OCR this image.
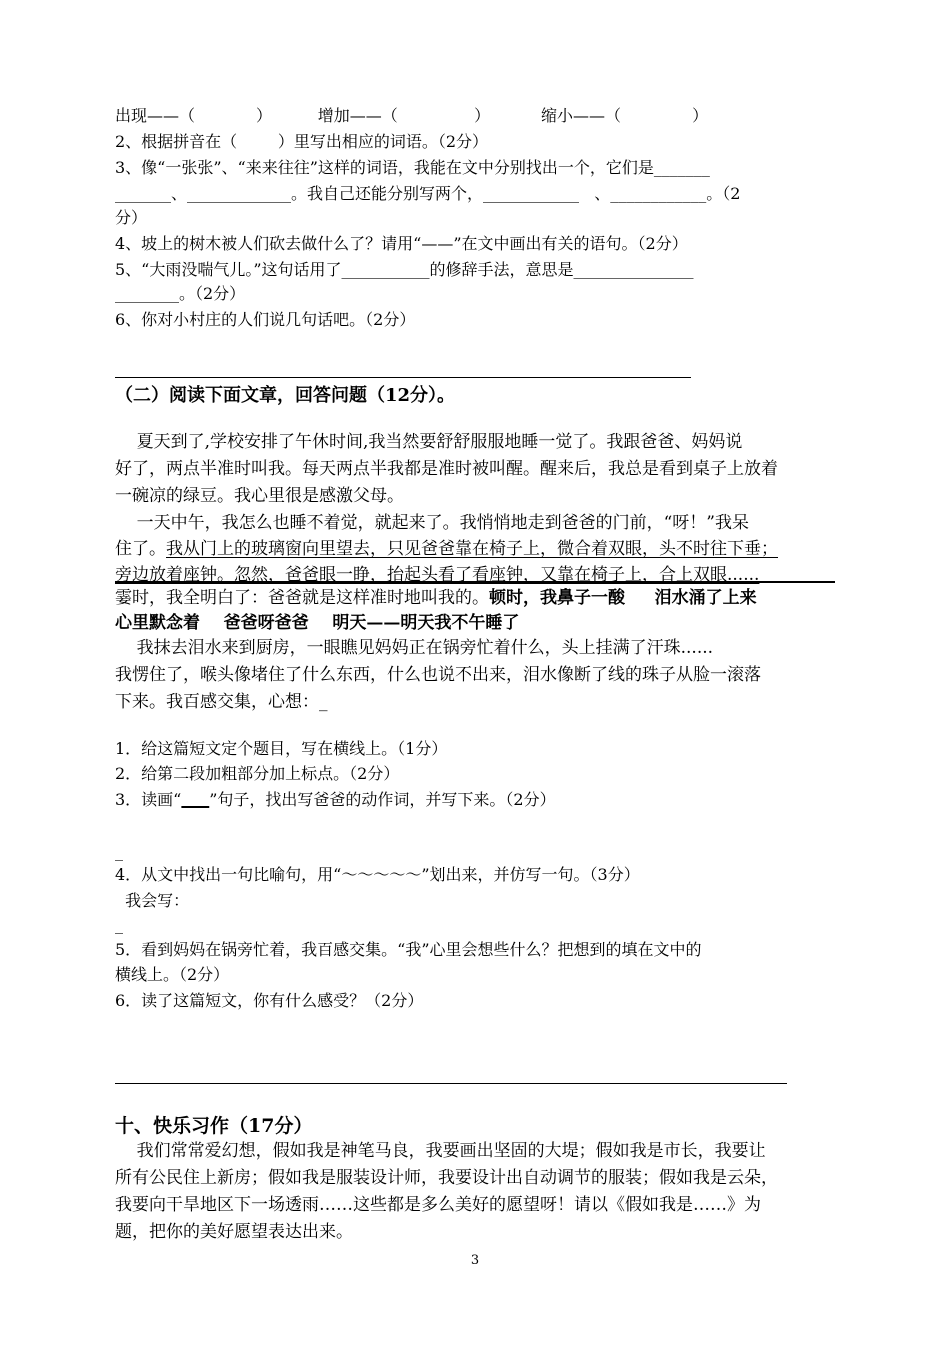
出现——（            ）         增加——（               ）          缩小——（              ）
2、根据拼音在（        ）里写出相应的词语。（2分）
3、像“一张张”、“来来往往”这样的词语，我能在文中分别找出一个，它们是_______
_______、_____________。我自己还能分别写两个，____________   、____________。（2
分）
4、坡上的树木被人们砍去做什么了？请用“——”在文中画出有关的语句。（2分）
5、“大雨没喘气儿。”这句话用了___________的修辞手法，意思是_______________
________。（2分）
6、你对小村庄的人们说几句话吧。（2分）
（二）阅读下面文章，回答问题（12分）。
夏天到了,学校安排了午休时间,我当然要舒舒服服地睡一觉了。我跟爸爸、妈妈说
好了，两点半准时叫我。每天两点半我都是准时被叫醒。醒来后，我总是看到桌子上放着
一碗凉的绿豆。我心里很是感激父母。
一天中午，我怎么也睡不着觉，就起来了。我悄悄地走到爸爸的门前，“呀！”我呆
住了。我从门上的玻璃窗向里望去，只见爸爸靠在椅子上，微合着双眼，头不时往下垂；
旁边放着座钟。忽然，爸爸眼一睁，抬起头看了看座钟，又靠在椅子上，合上双眼......
霎时，我全明白了：爸爸就是这样准时地叫我的。顿时，我鼻子一酸     泪水涌了上来
心里默念着    爸爸呀爸爸    明天——明天我不午睡了
我抹去泪水来到厨房，一眼瞧见妈妈正在锅旁忙着什么，头上挂满了汗珠......
我愣住了，喉头像堵住了什么东西，什么也说不出来，泪水像断了线的珠子从脸一滚落
下来。我百感交集，心想：_
1．给这篇短文定个题目，写在横线上。（1分）
2．给第二段加粗部分加上标点。（2分）
3．读画“ ”句子，找出写爸爸的动作词，并写下来。（2分）
_
4．从文中找出一句比喻句，用“～～～～～”划出来，并仿写一句。（3分）
我会写：
_
5．看到妈妈在锅旁忙着，我百感交集。“我”心里会想些什么？把想到的填在文中的
横线上。（2分）
6．读了这篇短文，你有什么感受？（2分）
十、快乐习作（17分）
我们常常爱幻想，假如我是神笔马良，我要画出坚固的大堤；假如我是市长，我要让
所有公民住上新房；假如我是服装设计师，我要设计出自动调节的服装；假如我是云朵，
我要向干旱地区下一场透雨……这些都是多么美好的愿望呀！请以《假如我是……》为
题，把你的美好愿望表达出来。
3
